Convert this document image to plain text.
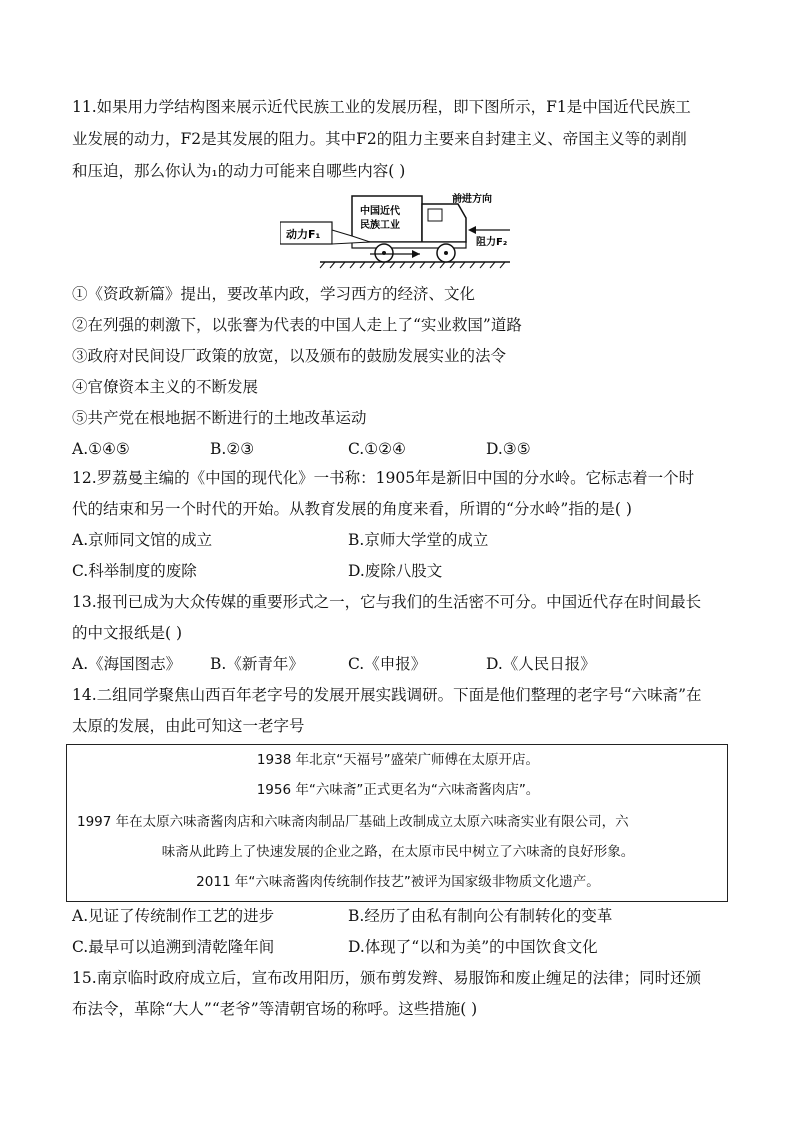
11.如果用力学结构图来展示近代民族工业的发展历程，即下图所示，F1是中国近代民族工
业发展的动力，F2是其发展的阻力。其中F2的阻力主要来自封建主义、帝国主义等的剥削
和压迫，那么你认为₁的动力可能来自哪些内容( )
中国近代
民族工业
前进方向
动力F₁
阻力F₂
①《资政新篇》提出，要改革内政，学习西方的经济、文化
②在列强的刺激下，以张謇为代表的中国人走上了“实业救国”道路
③政府对民间设厂政策的放宽，以及颁布的鼓励发展实业的法令
④官僚资本主义的不断发展
⑤共产党在根地据不断进行的土地改革运动
A.①④⑤	B.②③	C.①②④	D.③⑤
12.罗荔曼主编的《中国的现代化》一书称：1905年是新旧中国的分水岭。它标志着一个时
代的结束和另一个时代的开始。从教育发展的角度来看，所谓的“分水岭”指的是( )
A.京师同文馆的成立	B.京师大学堂的成立
C.科举制度的废除	D.废除八股文
13.报刊已成为大众传媒的重要形式之一，它与我们的生活密不可分。中国近代存在时间最长
的中文报纸是( )
A.《海国图志》 B.《新青年》	C.《申报》	D.《人民日报》
14.二组同学聚焦山西百年老字号的发展开展实践调研。下面是他们整理的老字号“六味斋”在
太原的发展，由此可知这一老字号
1938 年北京“天福号”盛荣广师傅在太原开店。
1956 年“六味斋”正式更名为“六味斋酱肉店”。
1997 年在太原六味斋酱肉店和六味斋肉制品厂基础上改制成立太原六味斋实业有限公司，六
味斋从此跨上了快速发展的企业之路，在太原市民中树立了六味斋的良好形象。
2011 年“六味斋酱肉传统制作技艺”被评为国家级非物质文化遗产。
A.见证了传统制作工艺的进步	B.经历了由私有制向公有制转化的变革
C.最早可以追溯到清乾隆年间	D.体现了“以和为美”的中国饮食文化
15.南京临时政府成立后，宣布改用阳历，颁布剪发辫、易服饰和废止缠足的法律；同时还颁
布法令，革除“大人”“老爷”等清朝官场的称呼。这些措施( )
